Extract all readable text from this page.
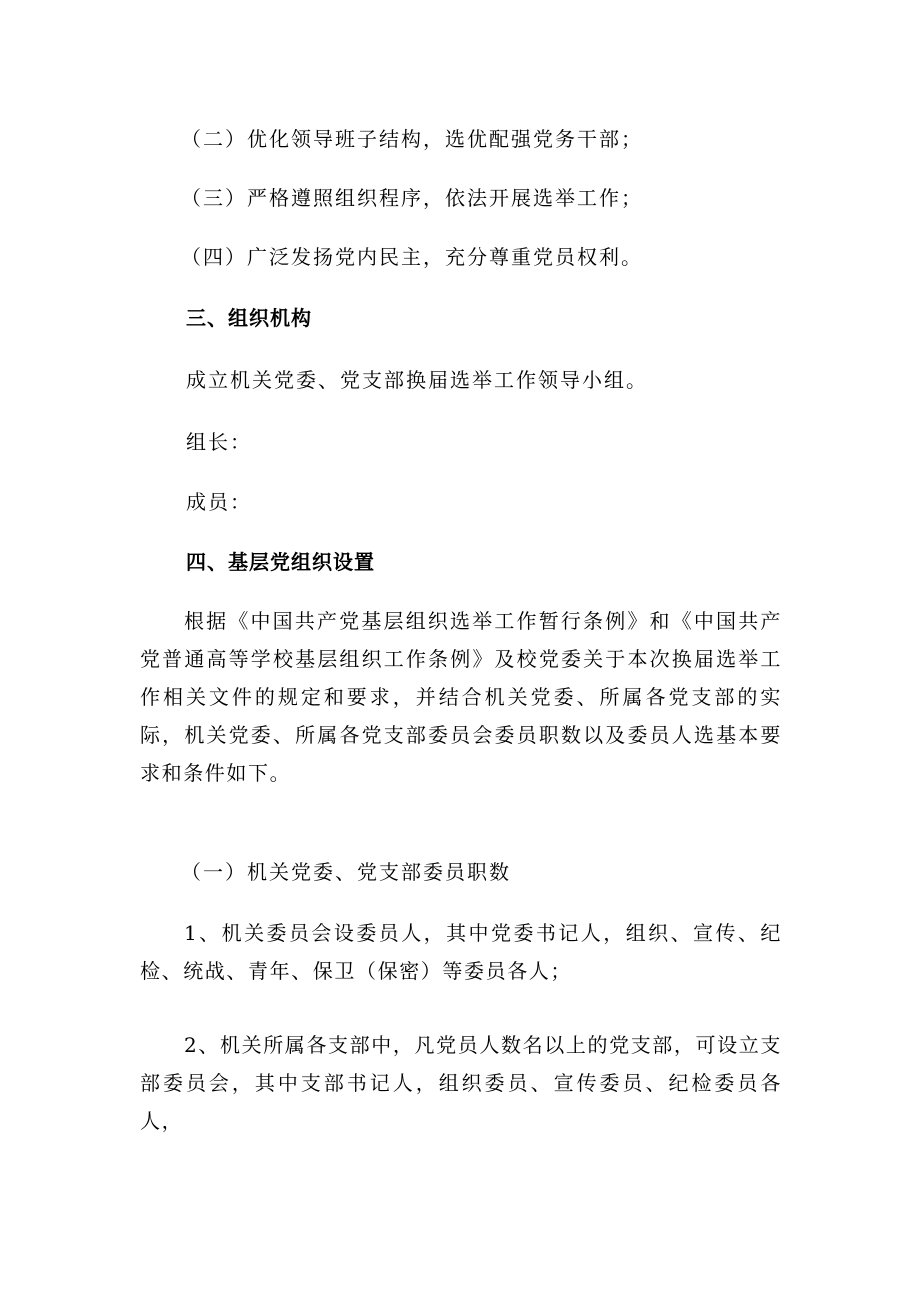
（二）优化领导班子结构，选优配强党务干部；
（三）严格遵照组织程序，依法开展选举工作；
（四）广泛发扬党内民主，充分尊重党员权利。
三、组织机构
成立机关党委、党支部换届选举工作领导小组。
组长：
成员：
四、基层党组织设置
根据《中国共产党基层组织选举工作暂行条例》和《中国共产党普通高等学校基层组织工作条例》及校党委关于本次换届选举工作相关文件的规定和要求，并结合机关党委、所属各党支部的实际，机关党委、所属各党支部委员会委员职数以及委员人选基本要求和条件如下。
（一）机关党委、党支部委员职数
1、机关委员会设委员人，其中党委书记人，组织、宣传、纪检、统战、青年、保卫（保密）等委员各人；
2、机关所属各支部中，凡党员人数名以上的党支部，可设立支部委员会，其中支部书记人，组织委员、宣传委员、纪检委员各人，
